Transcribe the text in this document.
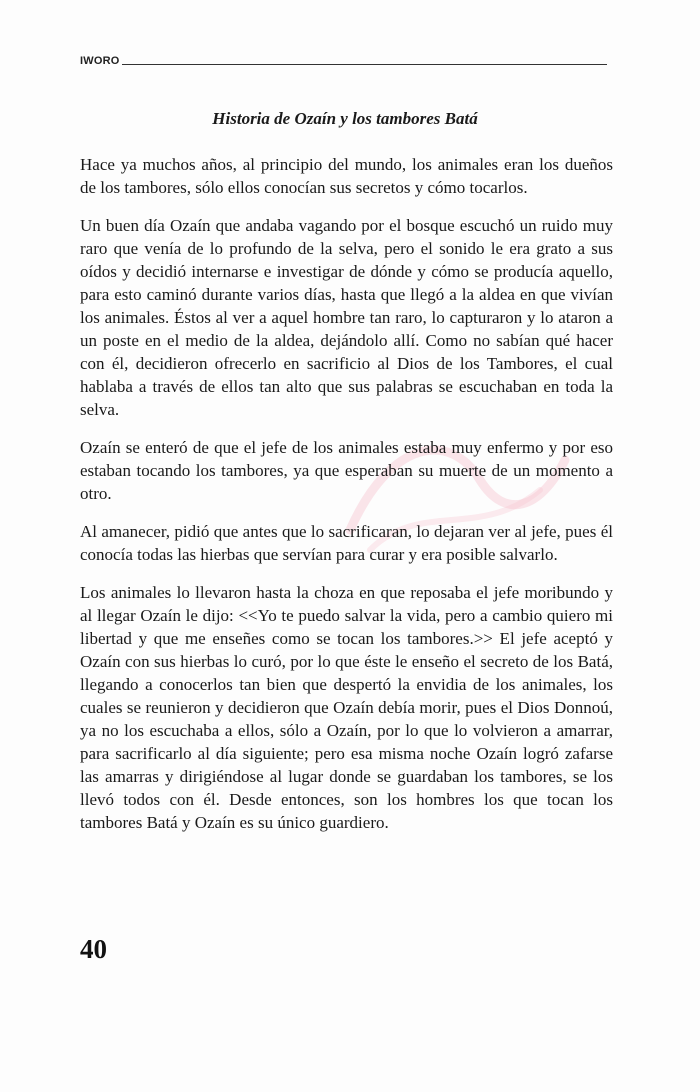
IWORO
Historia de Ozaín y los tambores Batá

Hace ya muchos años, al principio del mundo, los animales eran los dueños de los tambores, sólo ellos conocían sus secretos y cómo tocarlos.

Un buen día Ozaín que andaba vagando por el bosque escuchó un ruido muy raro que venía de lo profundo de la selva, pero el sonido le era grato a sus oídos y decidió internarse e investigar de dónde y cómo se producía aquello, para esto caminó durante varios días, hasta que llegó a la aldea en que vivían los animales. Éstos al ver a aquel hombre tan raro, lo capturaron y lo ataron a un poste en el medio de la aldea, dejándolo allí. Como no sabían qué hacer con él, decidieron ofrecerlo en sacrificio al Dios de los Tambores, el cual hablaba a través de ellos tan alto que sus palabras se escuchaban en toda la selva.

Ozaín se enteró de que el jefe de los animales estaba muy enfermo y por eso estaban tocando los tambores, ya que esperaban su muerte de un momento a otro.

Al amanecer, pidió que antes que lo sacrificaran, lo dejaran ver al jefe, pues él conocía todas las hierbas que servían para curar y era posible salvarlo.

Los animales lo llevaron hasta la choza en que reposaba el jefe moribundo y al llegar Ozaín le dijo: <<Yo te puedo salvar la vida, pero a cambio quiero mi libertad y que me enseñes como se tocan los tambores.>> El jefe aceptó y Ozaín con sus hierbas lo curó, por lo que éste le enseño el secreto de los Batá, llegando a conocerlos tan bien que despertó la envidia de los animales, los cuales se reunieron y decidieron que Ozaín debía morir, pues el Dios Donnoú, ya no los escuchaba a ellos, sólo a Ozaín, por lo que lo volvieron a amarrar, para sacrificarlo al día siguiente; pero esa misma noche Ozaín logró zafarse las amarras y dirigiéndose al lugar donde se guardaban los tambores, se los llevó todos con él. Desde entonces, son los hombres los que tocan los tambores Batá y Ozaín es su único guardiero.

40
